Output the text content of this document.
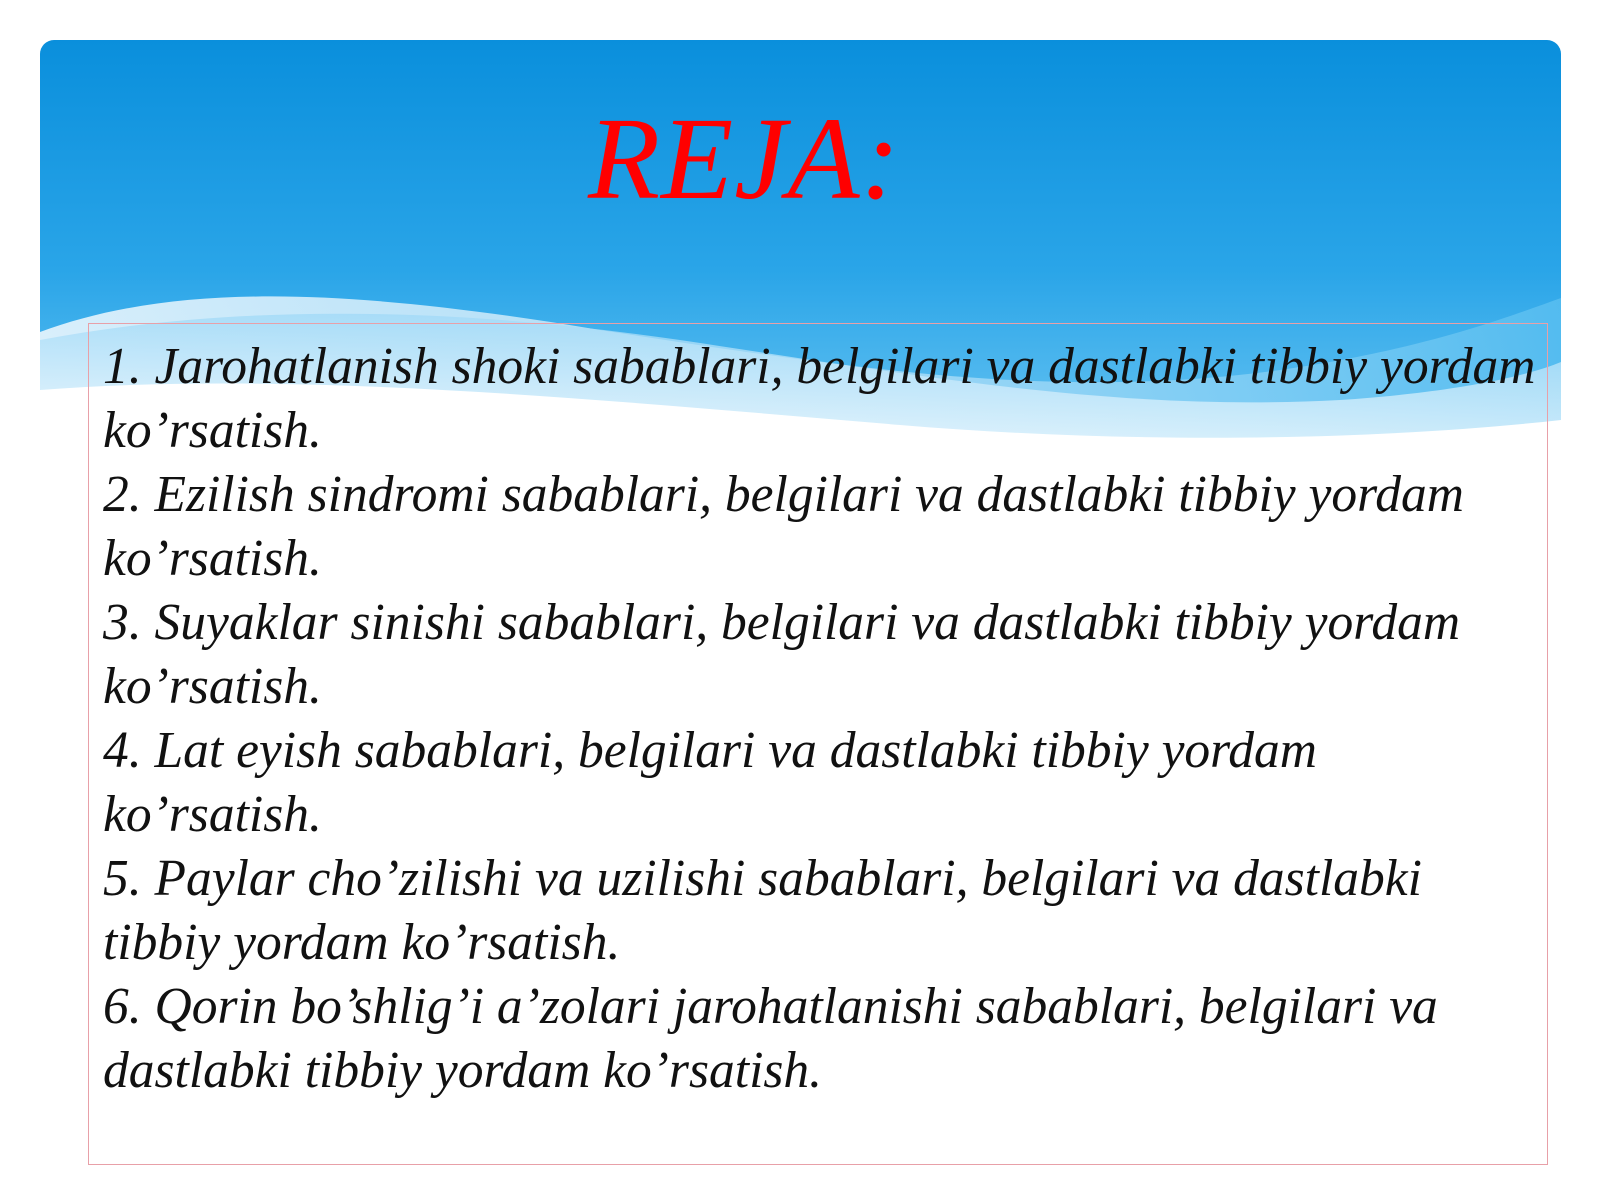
REJA:
1. Jarohatlanish shoki sabablari, belgilari va dastlabki tibbiy yordam ko’rsatish.
2. Ezilish sindromi sabablari, belgilari va dastlabki tibbiy yordam ko’rsatish.
3. Suyaklar sinishi sabablari, belgilari va dastlabki tibbiy yordam ko’rsatish.
4. Lat eyish sabablari, belgilari va dastlabki tibbiy yordam ko’rsatish.
5. Paylar cho’zilishi va uzilishi sabablari, belgilari va dastlabki tibbiy yordam ko’rsatish.
6. Qorin bo’shlig’i a’zolari jarohatlanishi sabablari, belgilari va dastlabki tibbiy yordam ko’rsatish.
